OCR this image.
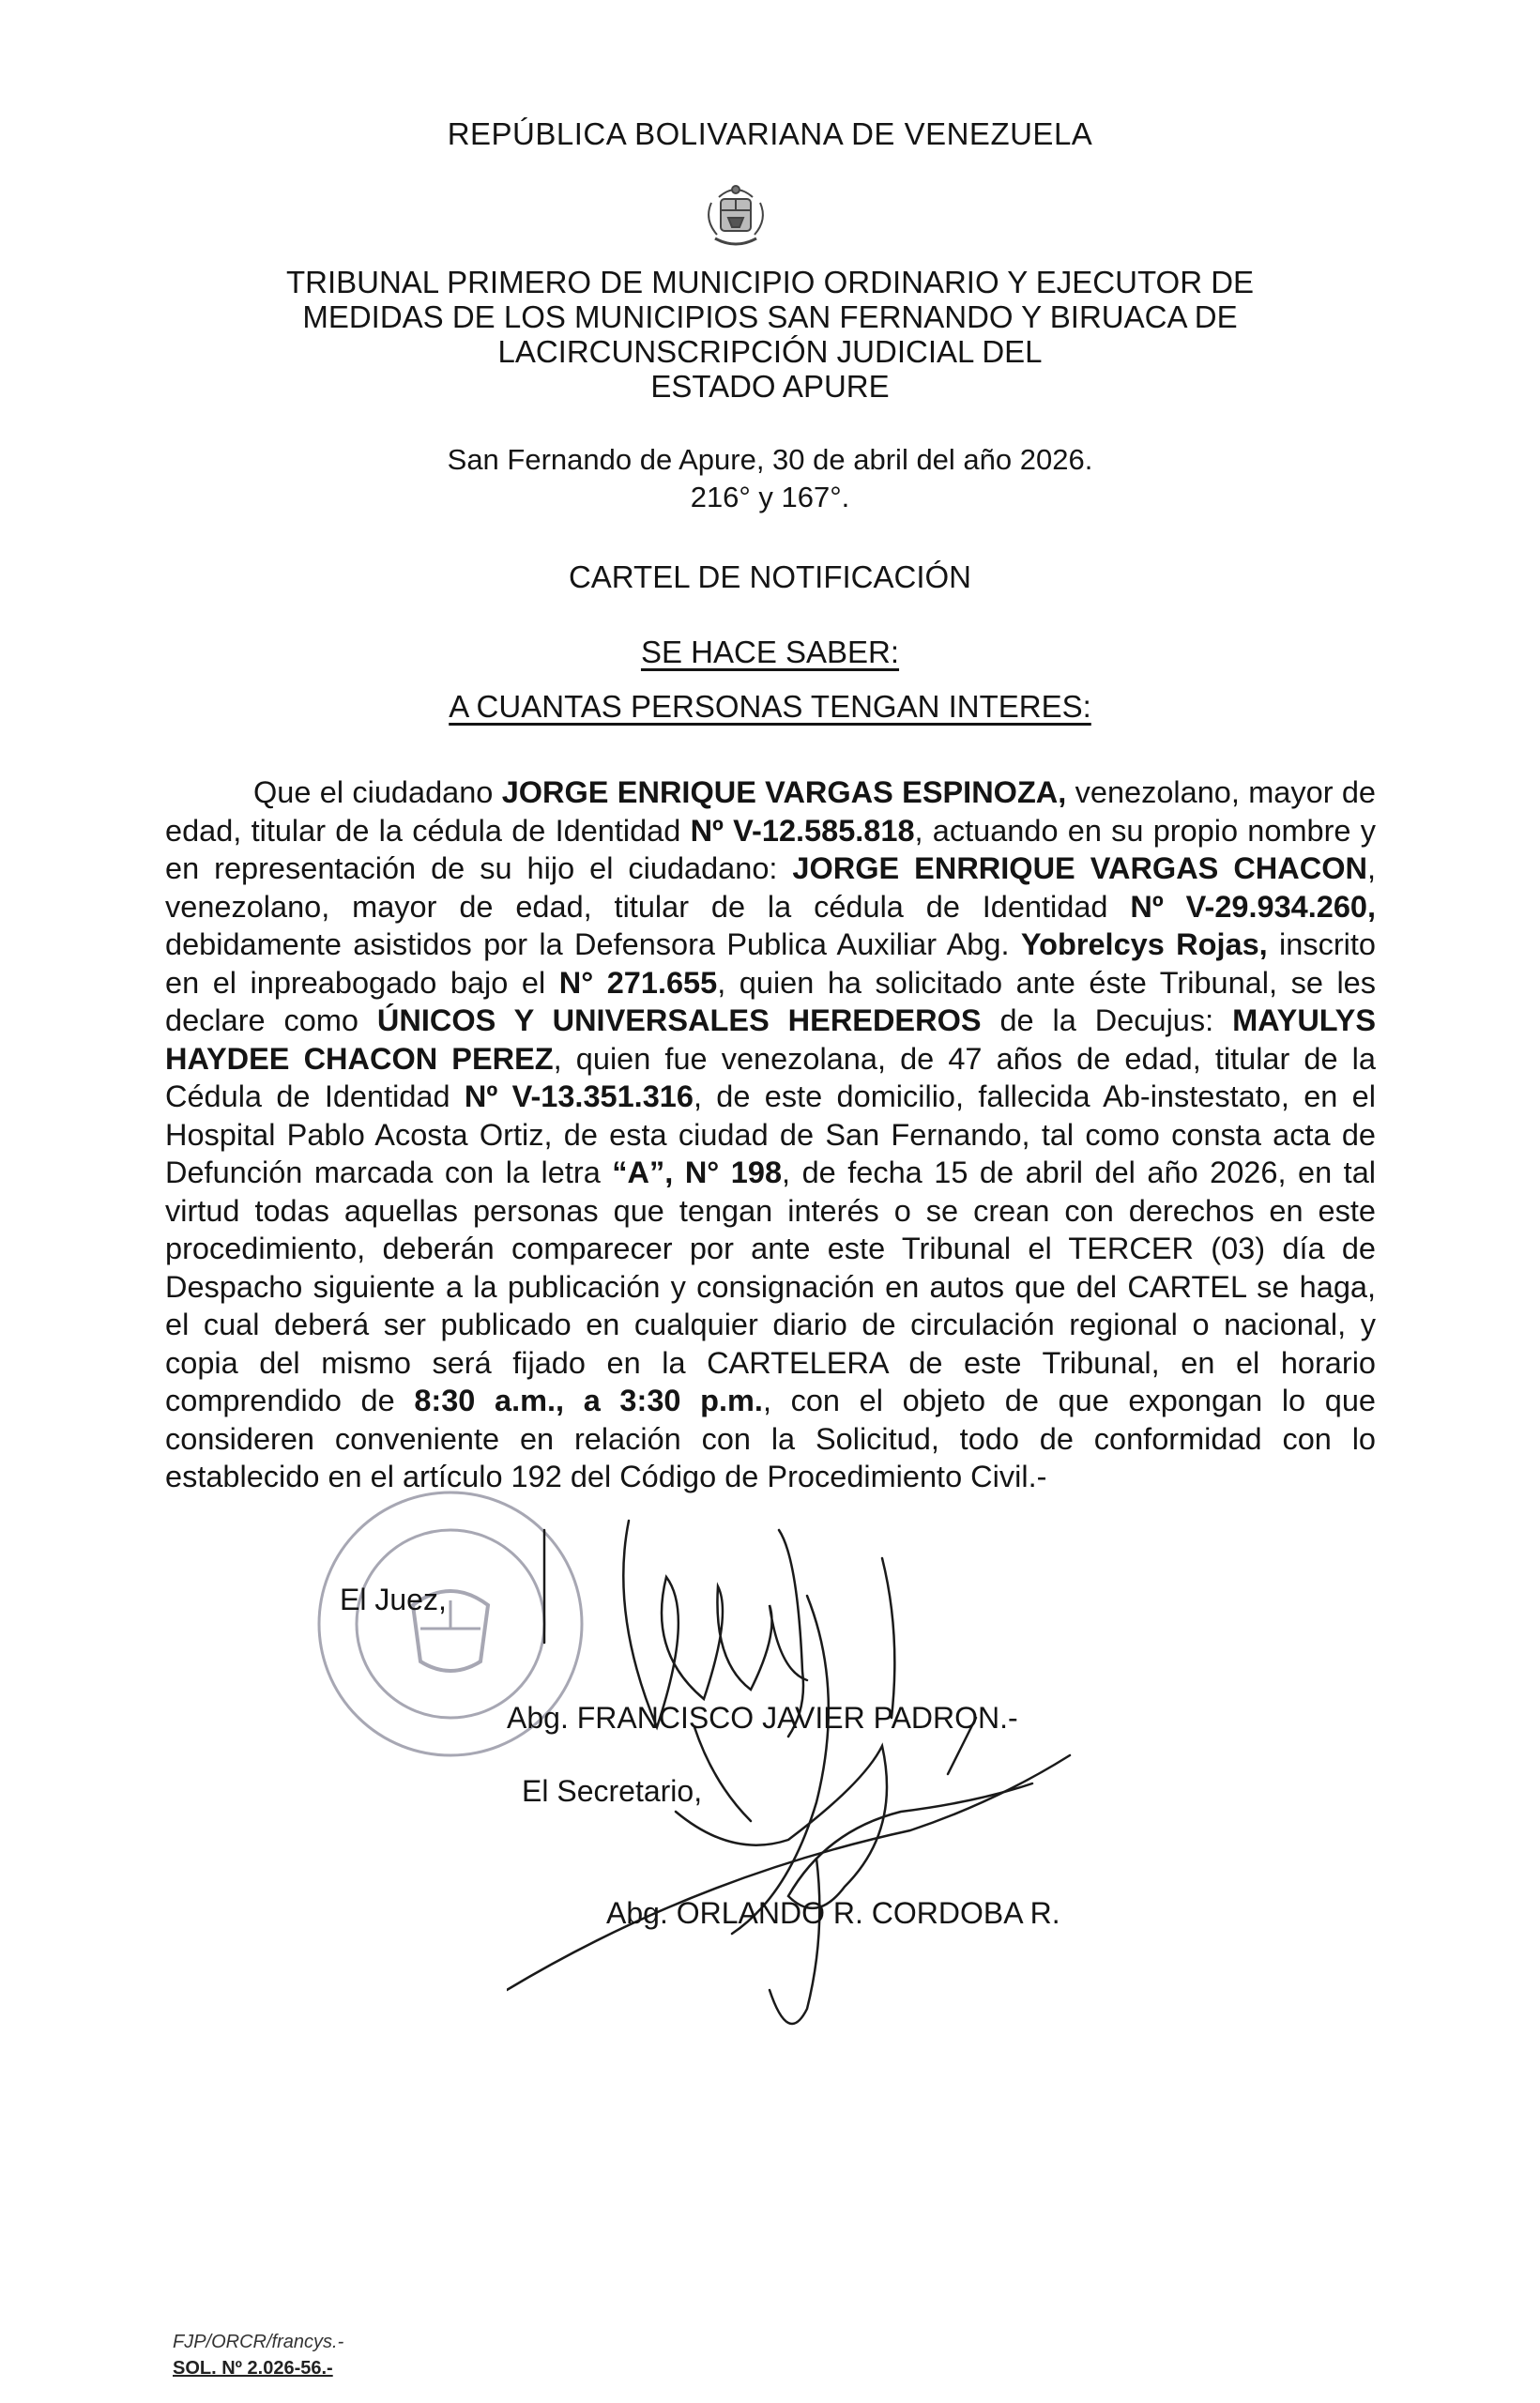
REPÚBLICA BOLIVARIANA DE VENEZUELA
TRIBUNAL PRIMERO DE MUNICIPIO ORDINARIO Y EJECUTOR DE
MEDIDAS DE LOS MUNICIPIOS SAN FERNANDO Y BIRUACA DE
LACIRCUNSCRIPCIÓN JUDICIAL DEL
ESTADO APURE
San Fernando de Apure, 30 de abril del año 2026.
216° y 167°.
CARTEL DE NOTIFICACIÓN
SE HACE SABER:
A CUANTAS PERSONAS TENGAN INTERES:
Que el ciudadano JORGE ENRIQUE VARGAS ESPINOZA, venezolano, mayor de edad, titular de la cédula de Identidad Nº V-12.585.818, actuando en su propio nombre y en representación de su hijo el ciudadano: JORGE ENRRIQUE VARGAS CHACON, venezolano, mayor de edad, titular de la cédula de Identidad Nº V-29.934.260, debidamente asistidos por la Defensora Publica Auxiliar Abg. Yobrelcys Rojas, inscrito en el inpreabogado bajo el N° 271.655, quien ha solicitado ante éste Tribunal, se les declare como ÚNICOS Y UNIVERSALES HEREDEROS de la Decujus: MAYULYS HAYDEE CHACON PEREZ, quien fue venezolana, de 47 años de edad, titular de la Cédula de Identidad Nº V-13.351.316, de este domicilio, fallecida Ab-instestato, en el Hospital Pablo Acosta Ortiz, de esta ciudad de San Fernando, tal como consta acta de Defunción marcada con la letra “A”, N° 198, de fecha 15 de abril del año 2026, en tal virtud todas aquellas personas que tengan interés o se crean con derechos en este procedimiento, deberán comparecer por ante este Tribunal el TERCER (03) día de Despacho siguiente a la publicación y consignación en autos que del CARTEL se haga, el cual deberá ser publicado en cualquier diario de circulación regional o nacional, y copia del mismo será fijado en la CARTELERA de este Tribunal, en el horario comprendido de 8:30 a.m., a 3:30 p.m., con el objeto de que expongan lo que consideren conveniente en relación con la Solicitud, todo de conformidad con lo establecido en el artículo 192 del Código de Procedimiento Civil.-
El Juez,
Abg. FRANCISCO JAVIER PADRON.-
El Secretario,
Abg. ORLANDO R. CORDOBA R.
FJP/ORCR/francys.-
SOL. Nº 2.026-56.-
